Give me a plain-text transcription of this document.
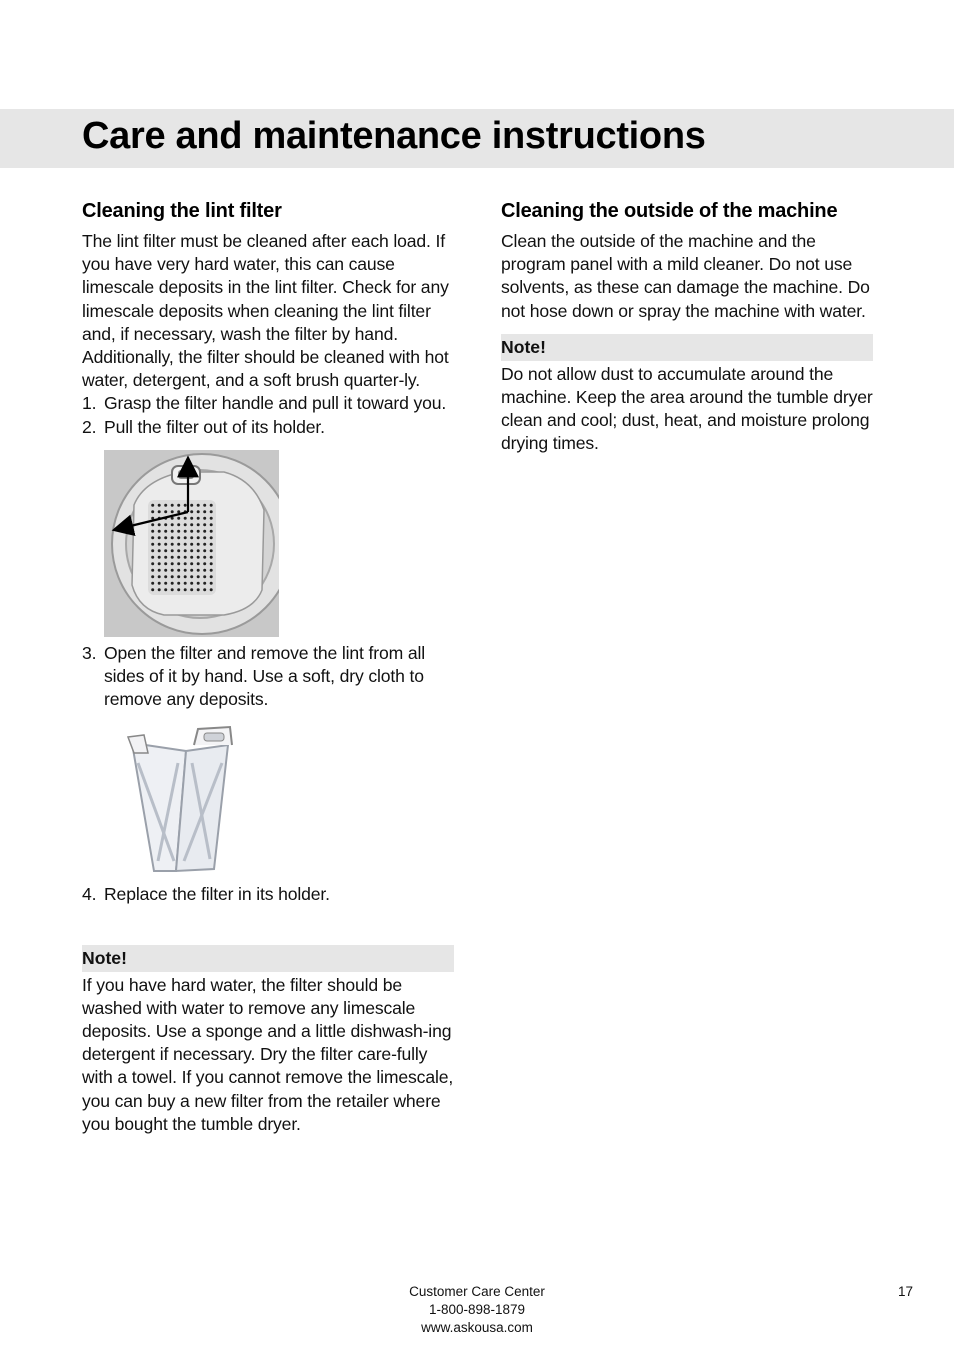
Care and maintenance instructions
Cleaning the lint filter

The lint filter must be cleaned after each load. If you have very hard water, this can cause limescale deposits in the lint filter. Check for any limescale deposits when cleaning the lint filter and, if necessary, wash the filter by hand. Additionally, the filter should be cleaned with hot water, detergent, and a soft brush quarter-ly.

1. Grasp the filter handle and pull it toward you.
2. Pull the filter out of its holder.
3. Open the filter and remove the lint from all sides of it by hand. Use a soft, dry cloth to remove any deposits.
4. Replace the filter in its holder.
Note!

If you have hard water, the filter should be washed with water to remove any limescale deposits. Use a sponge and a little dishwash-ing detergent if necessary. Dry the filter care-fully with a towel. If you cannot remove the limescale, you can buy a new filter from the retailer where you bought the tumble dryer.

Cleaning the outside of the machine

Clean the outside of the machine and the program panel with a mild cleaner. Do not use solvents, as these can damage the machine. Do not hose down or spray the machine with water.

Note!

Do not allow dust to accumulate around the machine. Keep the area around the tumble dryer clean and cool; dust, heat, and moisture prolong drying times.

Customer Care Center
1-800-898-1879
www.askousa.com
17
